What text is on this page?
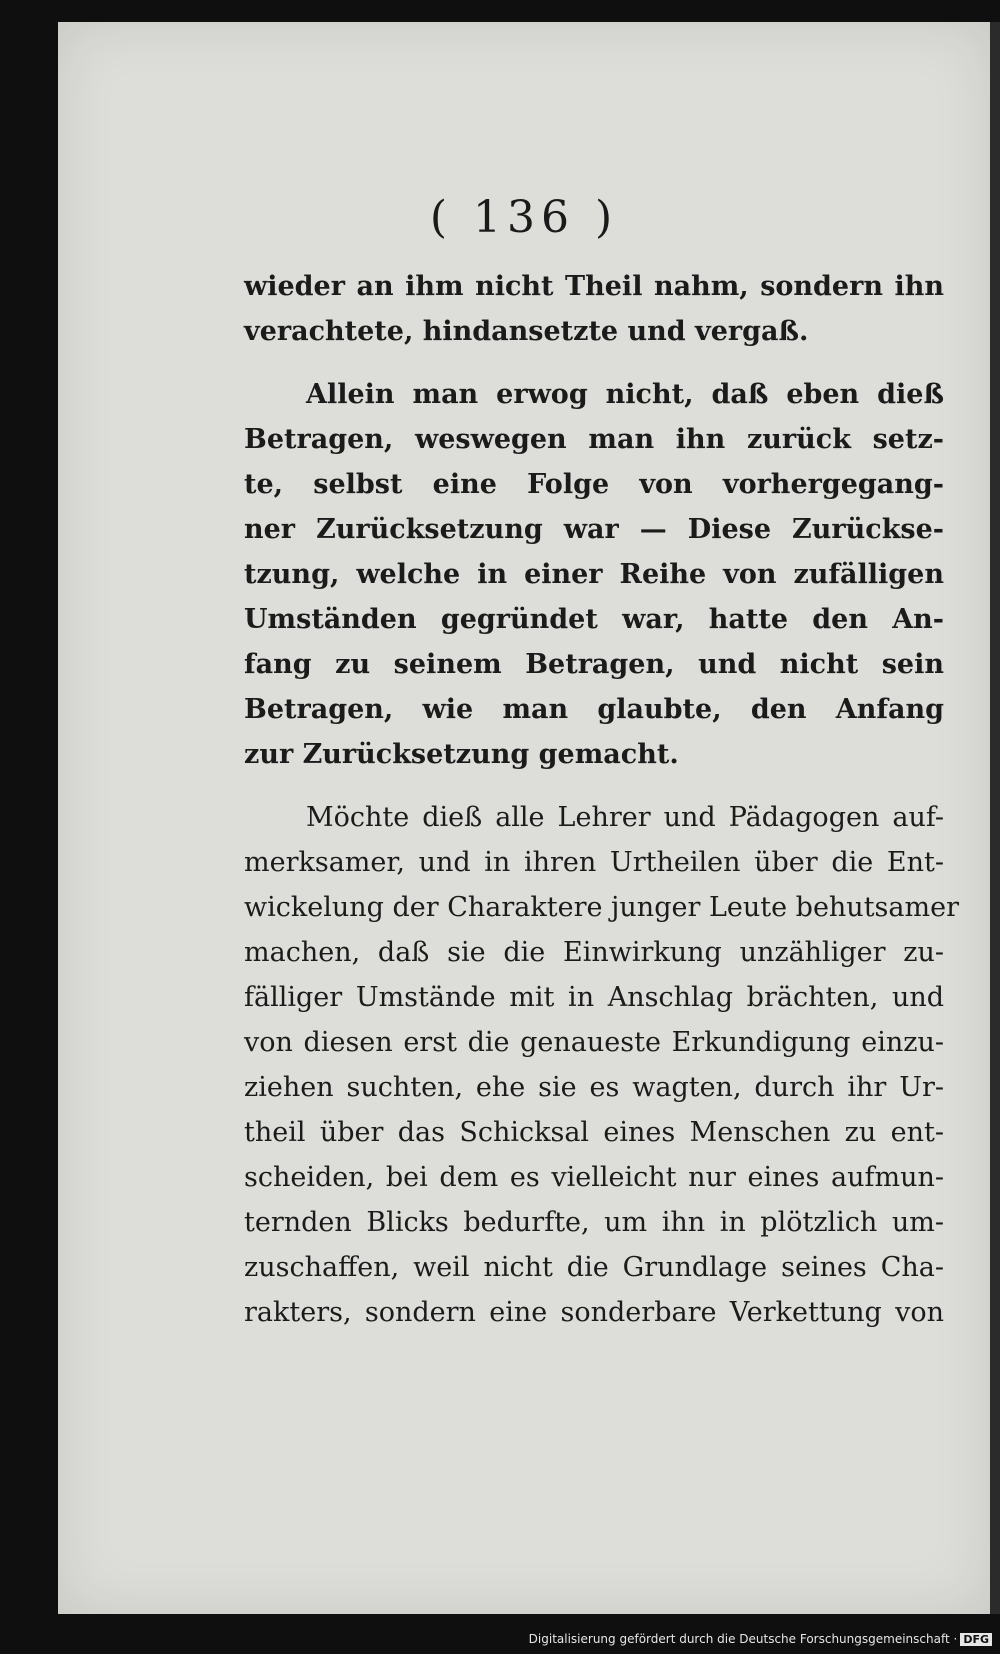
( 136 )
wieder an ihm nicht Theil nahm, sondern ihn
verachtete, hindansetzte und vergaß.
Allein man erwog nicht, daß eben dieß
Betragen, weswegen man ihn zurück setz-
te, selbst eine Folge von vorhergegang-
ner Zurücksetzung war — Diese Zurückse-
tzung, welche in einer Reihe von zufälligen
Umständen gegründet war, hatte den An-
fang zu seinem Betragen, und nicht sein
Betragen, wie man glaubte, den Anfang
zur Zurücksetzung gemacht.
Möchte dieß alle Lehrer und Pädagogen auf-
merksamer, und in ihren Urtheilen über die Ent-
wickelung der Charaktere junger Leute behutsamer
machen, daß sie die Einwirkung unzähliger zu-
fälliger Umstände mit in Anschlag brächten, und
von diesen erst die genaueste Erkundigung einzu-
ziehen suchten, ehe sie es wagten, durch ihr Ur-
theil über das Schicksal eines Menschen zu ent-
scheiden, bei dem es vielleicht nur eines aufmun-
ternden Blicks bedurfte, um ihn in plötzlich um-
zuschaffen, weil nicht die Grundlage seines Cha-
rakters, sondern eine sonderbare Verkettung von
Digitalisierung gefördert durch die Deutsche Forschungsgemeinschaft · DFG
